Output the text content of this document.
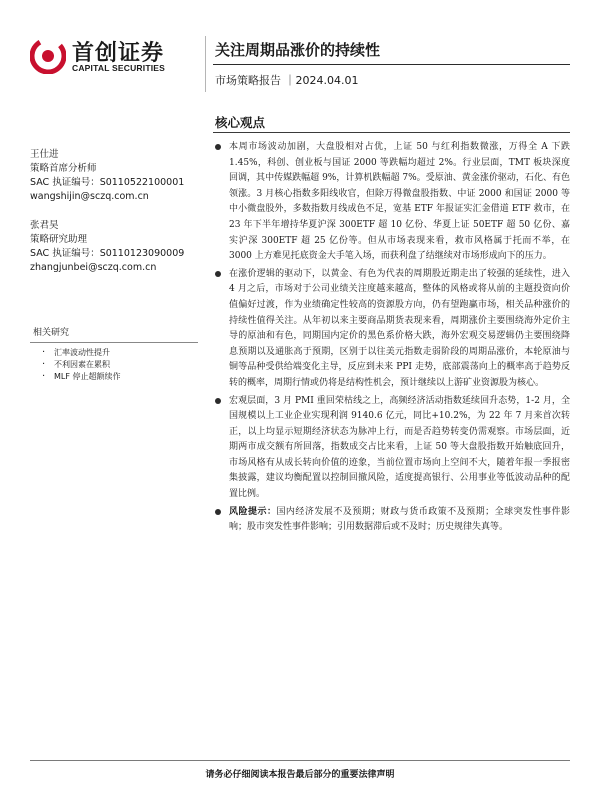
首创证券
CAPITAL SECURITIES
关注周期品涨价的持续性
市场策略报告 ｜2024.04.01
核心观点
王仕进
策略首席分析师
SAC 执证编号：S0110522100001
wangshijin@sczq.com.cn
张君昊
策略研究助理
SAC 执证编号：S0110123090009
zhangjunbei@sczq.com.cn
相关研究
· 汇率波动性提升
· 不利因素在累积
· MLF 停止超额续作
本周市场波动加剧，大盘股相对占优，上证 50 与红利指数微涨，万得全 A 下跌 1.45%，科创、创业板与国证 2000 等跌幅均超过 2%。行业层面，TMT 板块深度回调，其中传媒跌幅超 9%，计算机跌幅超 7%。受原油、黄金涨价驱动，石化、有色领涨。3 月核心指数多阳线收官，但除万得微盘股指数、中证 2000 和国证 2000 等中小微盘股外，多数指数月线成色不足，宽基 ETF 年报证实汇金借道 ETF 救市，在 23 年下半年增持华夏沪深 300ETF 超 10 亿份、华夏上证 50ETF 超 50 亿份、嘉实沪深 300ETF 超 25 亿份等。但从市场表现来看，救市风格属于托而不举，在 3000 上方难见托底资金大手笔入场，而获利盘了结继续对市场形成向下的压力。
在涨价逻辑的驱动下，以黄金、有色为代表的周期股近期走出了较强的延续性，进入 4 月之后，市场对于公司业绩关注度越来越高，整体的风格或将从前的主题投资向价值偏好过渡，作为业绩确定性较高的资源股方向，仍有望跑赢市场，相关品种涨价的持续性值得关注。从年初以来主要商品期货表现来看，周期涨价主要围绕海外定价主导的原油和有色，同期国内定价的黑色系价格大跌，海外宏观交易逻辑仍主要围绕降息预期以及通胀高于预期，区别于以往美元指数走弱阶段的周期品涨价，本轮原油与铜等品种受供给端变化主导，反应到未来 PPI 走势，底部震荡向上的概率高于趋势反转的概率，周期行情或仍将是结构性机会，预计继续以上游矿业资源股为核心。
宏观层面，3 月 PMI 重回荣枯线之上，高频经济活动指数延续回升态势，1-2 月，全国规模以上工业企业实现利润 9140.6 亿元，同比+10.2%，为 22 年 7 月来首次转正，以上均显示短期经济状态为脉冲上行，而是否趋势转变仍需观察。市场层面，近期两市成交额有所回落，指数成交占比来看，上证 50 等大盘股指数开始触底回升，市场风格有从成长转向价值的迹象，当前位置市场向上空间不大，随着年报一季报密集披露，建议均衡配置以控制回撤风险，适度提高银行、公用事业等低波动品种的配置比例。
风险提示：国内经济发展不及预期；财政与货币政策不及预期；全球突发性事件影响；股市突发性事件影响；引用数据滞后或不及时；历史规律失真等。
请务必仔细阅读本报告最后部分的重要法律声明
